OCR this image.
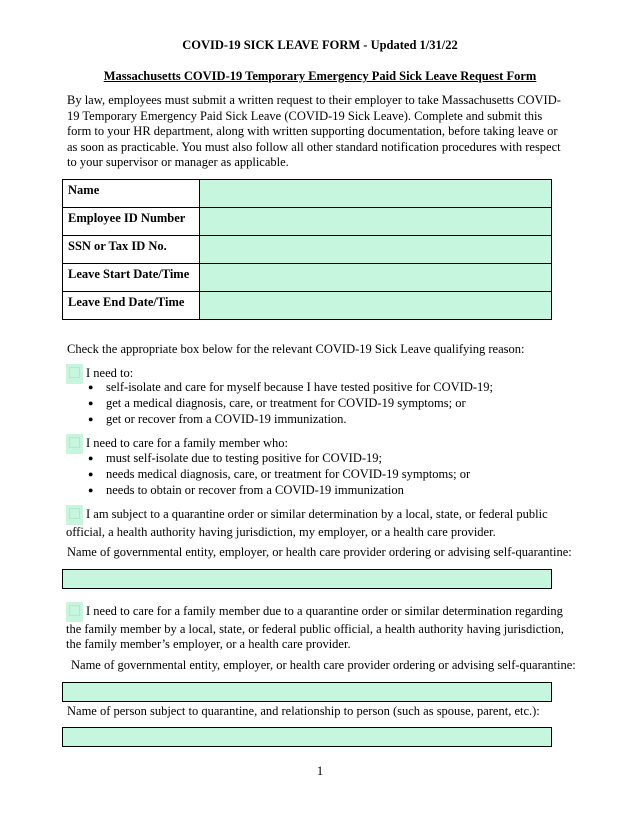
COVID-19 SICK LEAVE FORM - Updated 1/31/22
Massachusetts COVID-19 Temporary Emergency Paid Sick Leave Request Form
By law, employees must submit a written request to their employer to take Massachusetts COVID-19 Temporary Emergency Paid Sick Leave (COVID-19 Sick Leave). Complete and submit this form to your HR department, along with written supporting documentation, before taking leave or as soon as practicable. You must also follow all other standard notification procedures with respect to your supervisor or manager as applicable.
Name	
Employee ID Number	
SSN or Tax ID No.	
Leave Start Date/Time	
Leave End Date/Time	
Check the appropriate box below for the relevant COVID-19 Sick Leave qualifying reason:
I need to:
● self-isolate and care for myself because I have tested positive for COVID-19;
● get a medical diagnosis, care, or treatment for COVID-19 symptoms; or
● get or recover from a COVID-19 immunization.
I need to care for a family member who:
● must self-isolate due to testing positive for COVID-19;
● needs medical diagnosis, care, or treatment for COVID-19 symptoms; or
● needs to obtain or recover from a COVID-19 immunization
I am subject to a quarantine order or similar determination by a local, state, or federal public official, a health authority having jurisdiction, my employer, or a health care provider.
Name of governmental entity, employer, or health care provider ordering or advising self-quarantine:
I need to care for a family member due to a quarantine order or similar determination regarding the family member by a local, state, or federal public official, a health authority having jurisdiction, the family member’s employer, or a health care provider.
Name of governmental entity, employer, or health care provider ordering or advising self-quarantine:
Name of person subject to quarantine, and relationship to person (such as spouse, parent, etc.):
1
